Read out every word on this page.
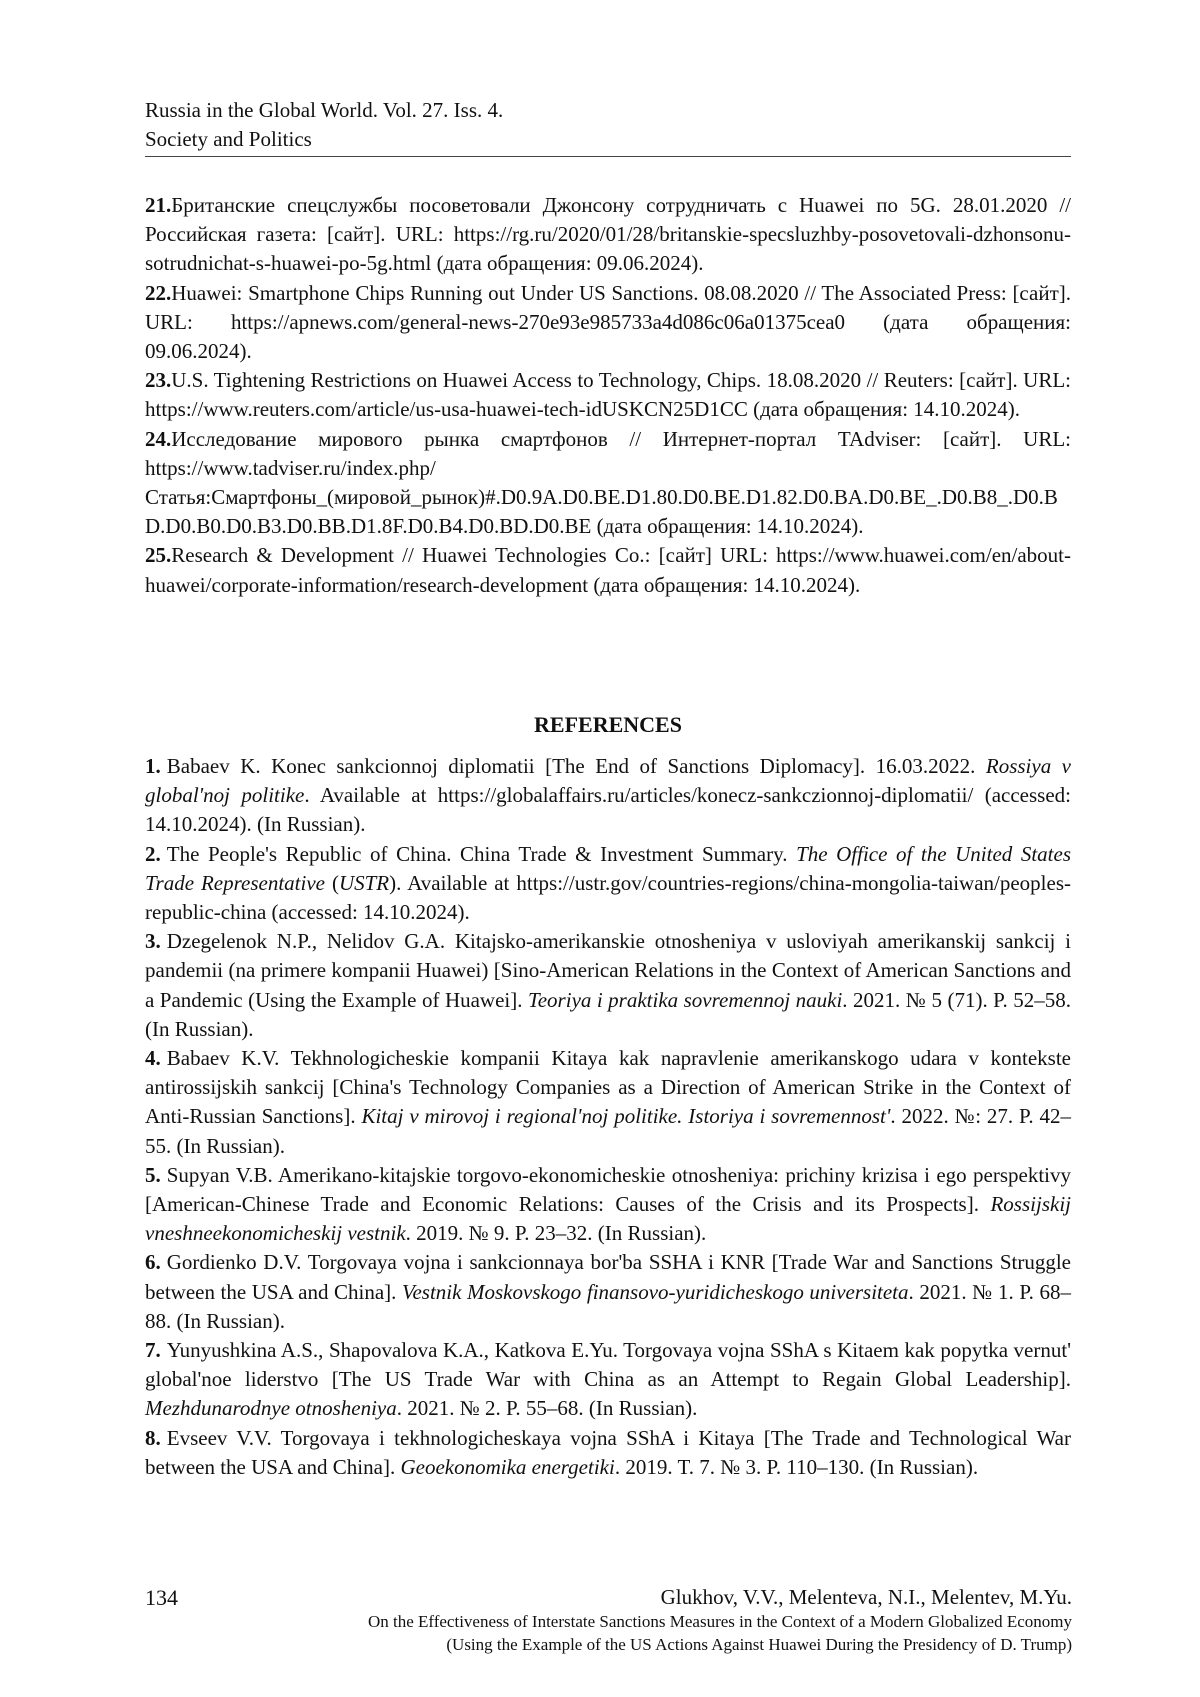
Russia in the Global World. Vol. 27. Iss. 4.
Society and Politics

21.Британские спецслужбы посоветовали Джонсону сотрудничать с Huawei по 5G. 28.01.2020 // Российская газета: [сайт]. URL: https://rg.ru/2020/01/28/britanskie-specsluzhby-posovetovali-dzhonsonu-sotrudnichat-s-huawei-po-5g.html (дата обращения: 09.06.2024).

22.Huawei: Smartphone Chips Running out Under US Sanctions. 08.08.2020 // The Associated Press: [сайт]. URL: https://apnews.com/general-news-270e93e985733a4d086c06a01375cea0 (дата обращения: 09.06.2024).

23.U.S. Tightening Restrictions on Huawei Access to Technology, Chips. 18.08.2020 // Reuters: [сайт]. URL: https://www.reuters.com/article/us-usa-huawei-tech-idUSKCN25D1CC (дата обращения: 14.10.2024).

24.Исследование мирового рынка смартфонов // Интернет-портал TAdviser: [сайт]. URL: https://www.tadviser.ru/index.php/Статья:Смартфоны_(мировой_рынок)#.D0.9A.D0.BE.D1.80.D0.BE.D1.82.D0.BA.D0.BE_.D0.B8_.D0.BD.D0.B0.D0.B3.D0.BB.D1.8F.D0.B4.D0.BD.D0.BE (дата обращения: 14.10.2024).

25.Research & Development // Huawei Technologies Co.: [сайт] URL: https://www.huawei.com/en/about-huawei/corporate-information/research-development (дата обращения: 14.10.2024).

REFERENCES

1. Babaev K. Konec sankcionnoj diplomatii [The End of Sanctions Diplomacy]. 16.03.2022. Rossiya v global'noj politike. Available at https://globalaffairs.ru/articles/konecz-sankczionnoj-diplomatii/ (accessed: 14.10.2024). (In Russian).

2. The People's Republic of China. China Trade & Investment Summary. The Office of the United States Trade Representative (USTR). Available at https://ustr.gov/countries-regions/china-mongolia-taiwan/peoples-republic-china (accessed: 14.10.2024).

3. Dzegelenok N.P., Nelidov G.A. Kitajsko-amerikanskie otnosheniya v usloviyah amerikanskij sankcij i pandemii (na primere kompanii Huawei) [Sino-American Relations in the Context of American Sanctions and a Pandemic (Using the Example of Huawei]. Teoriya i praktika sovremennoj nauki. 2021. № 5 (71). P. 52–58. (In Russian).

4. Babaev K.V. Tekhnologicheskie kompanii Kitaya kak napravlenie amerikanskogo udara v kontekste antirossijskih sankcij [China's Technology Companies as a Direction of American Strike in the Context of Anti-Russian Sanctions]. Kitaj v mirovoj i regional'noj politike. Istoriya i sovremennost'. 2022. №: 27. P. 42–55. (In Russian).

5. Supyan V.B. Amerikano-kitajskie torgovo-ekonomicheskie otnosheniya: prichiny krizisa i ego perspektivy [American-Chinese Trade and Economic Relations: Causes of the Crisis and its Prospects]. Rossijskij vneshneekonomicheskij vestnik. 2019. № 9. P. 23–32. (In Russian).

6. Gordienko D.V. Torgovaya vojna i sankcionnaya bor'ba SSHA i KNR [Trade War and Sanctions Struggle between the USA and China]. Vestnik Moskovskogo finansovo-yuridicheskogo universiteta. 2021. № 1. P. 68–88. (In Russian).

7. Yunyushkina A.S., Shapovalova K.A., Katkova E.Yu. Torgovaya vojna SShA s Kitaem kak popytka vernut' global'noe liderstvo [The US Trade War with China as an Attempt to Regain Global Leadership]. Mezhdunarodnye otnosheniya. 2021. № 2. P. 55–68. (In Russian).

8. Evseev V.V. Torgovaya i tekhnologicheskaya vojna SShA i Kitaya [The Trade and Technological War between the USA and China]. Geoekonomika energetiki. 2019. T. 7. № 3. P. 110–130. (In Russian).

134	Glukhov, V.V., Melenteva, N.I., Melentev, M.Yu.
On the Effectiveness of Interstate Sanctions Measures in the Context of a Modern Globalized Economy
(Using the Example of the US Actions Against Huawei During the Presidency of D. Trump)
